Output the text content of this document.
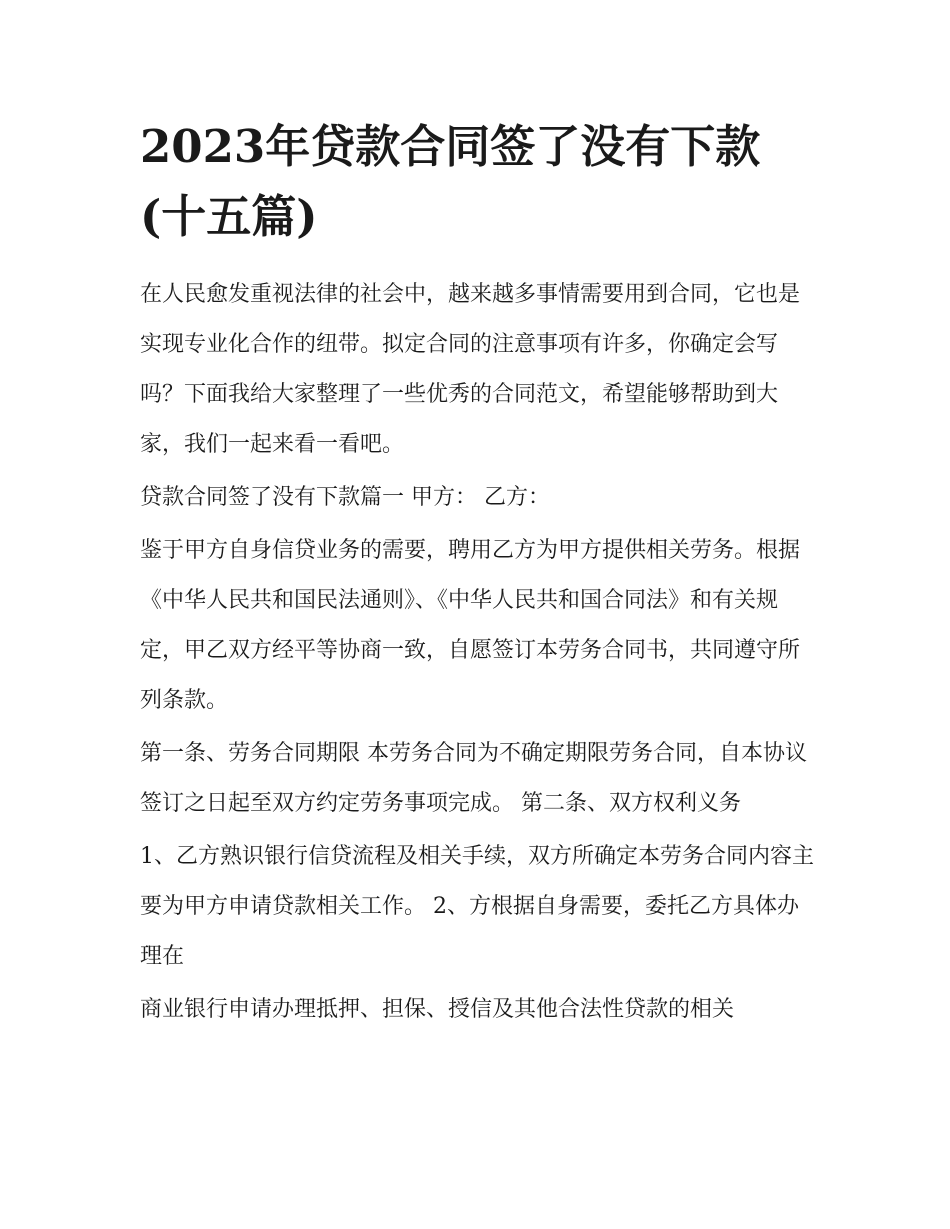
2023年贷款合同签了没有下款(十五篇)

在人民愈发重视法律的社会中，越来越多事情需要用到合同，它也是实现专业化合作的纽带。拟定合同的注意事项有许多，你确定会写吗？下面我给大家整理了一些优秀的合同范文，希望能够帮助到大家，我们一起来看一看吧。

贷款合同签了没有下款篇一 甲方： 乙方：

鉴于甲方自身信贷业务的需要，聘用乙方为甲方提供相关劳务。根据《中华人民共和国民法通则》、《中华人民共和国合同法》和有关规定，甲乙双方经平等协商一致，自愿签订本劳务合同书，共同遵守所列条款。

第一条、劳务合同期限 本劳务合同为不确定期限劳务合同，自本协议签订之日起至双方约定劳务事项完成。 第二条、双方权利义务

1、乙方熟识银行信贷流程及相关手续，双方所确定本劳务合同内容主要为甲方申请贷款相关工作。 2、方根据自身需要，委托乙方具体办理在

商业银行申请办理抵押、担保、授信及其他合法性贷款的相关
